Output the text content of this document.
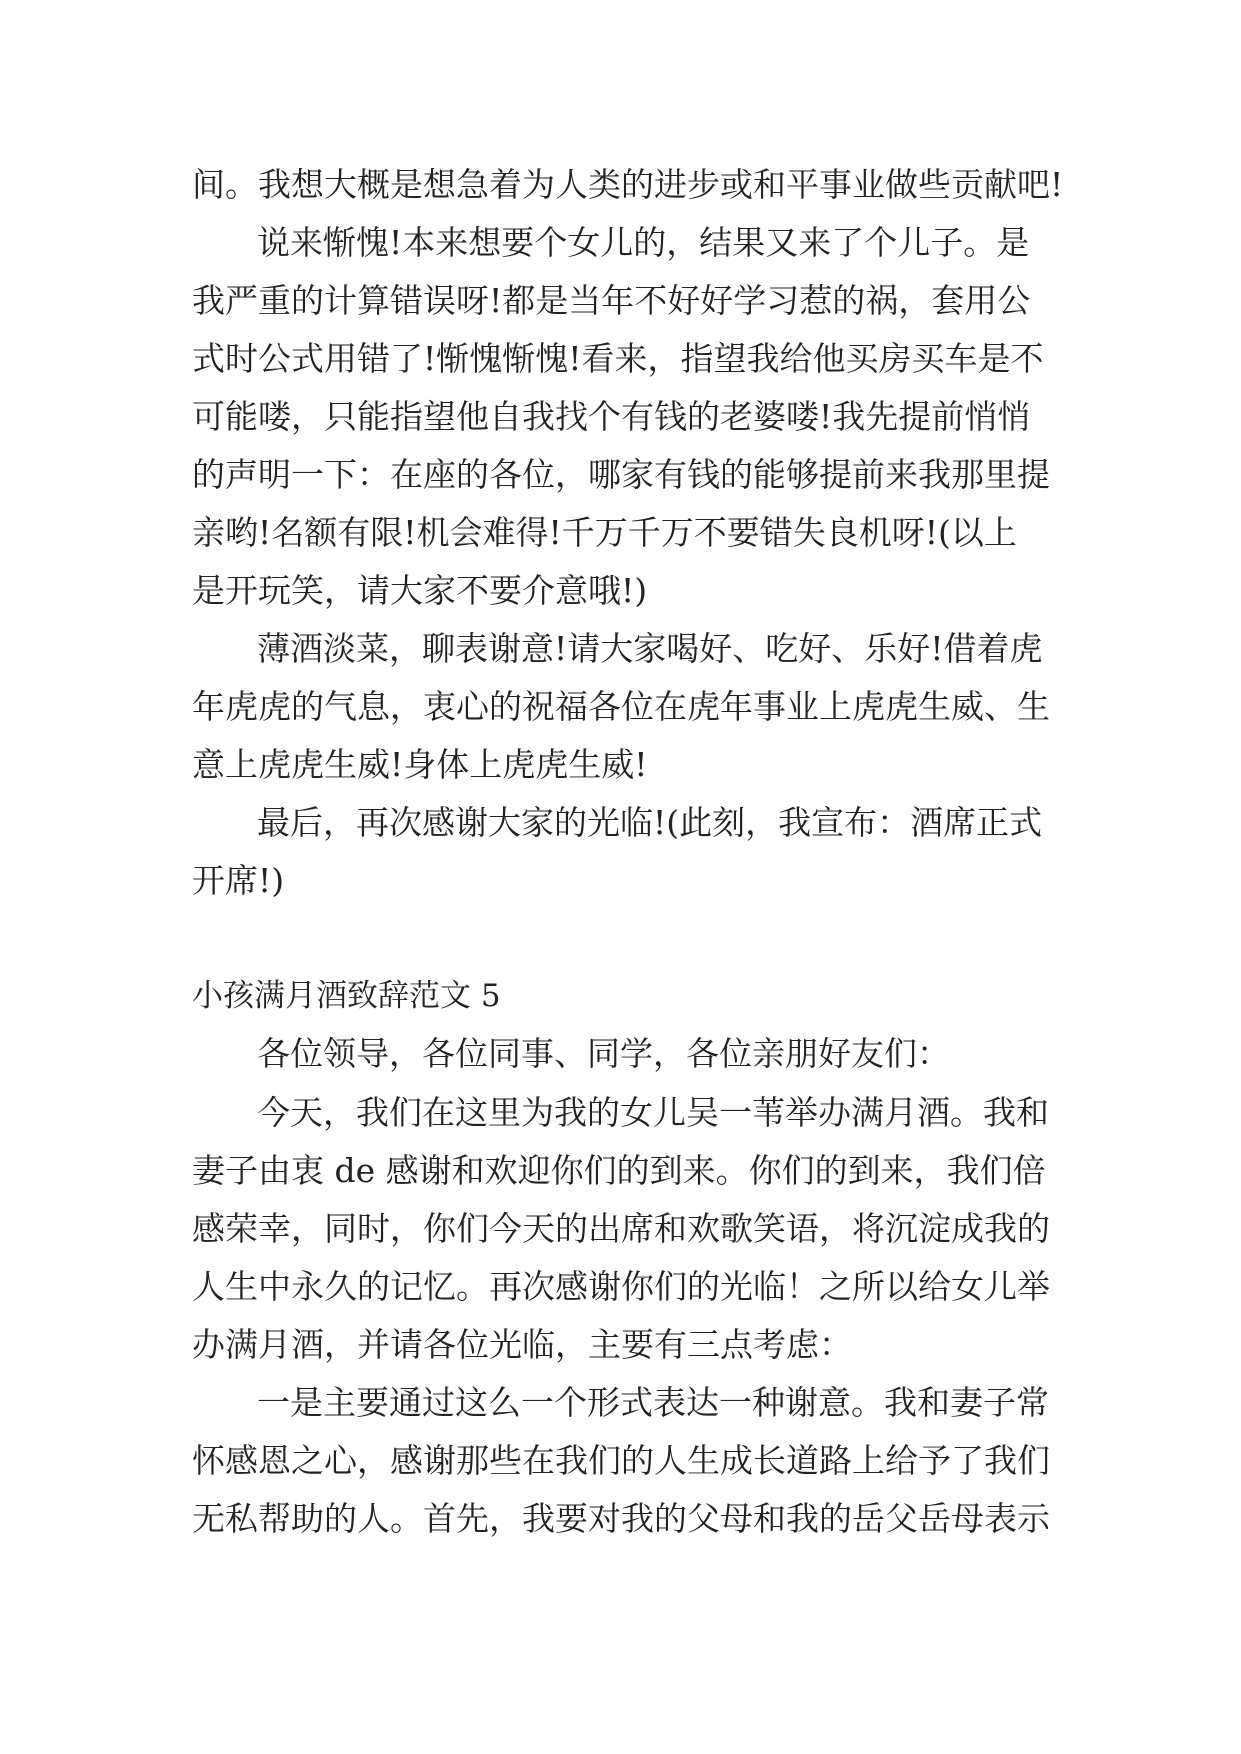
间。我想大概是想急着为人类的进步或和平事业做些贡献吧!
说来惭愧!本来想要个女儿的，结果又来了个儿子。是
我严重的计算错误呀!都是当年不好好学习惹的祸，套用公
式时公式用错了!惭愧惭愧!看来，指望我给他买房买车是不
可能喽，只能指望他自我找个有钱的老婆喽!我先提前悄悄
的声明一下：在座的各位，哪家有钱的能够提前来我那里提
亲哟!名额有限!机会难得!千万千万不要错失良机呀!(以上
是开玩笑，请大家不要介意哦!)
薄酒淡菜，聊表谢意!请大家喝好、吃好、乐好!借着虎
年虎虎的气息，衷心的祝福各位在虎年事业上虎虎生威、生
意上虎虎生威!身体上虎虎生威!
最后，再次感谢大家的光临!(此刻，我宣布：酒席正式
开席!)
小孩满月酒致辞范文 5
各位领导，各位同事、同学，各位亲朋好友们：
今天，我们在这里为我的女儿吴一苇举办满月酒。我和
妻子由衷 de 感谢和欢迎你们的到来。你们的到来，我们倍
感荣幸，同时，你们今天的出席和欢歌笑语，将沉淀成我的
人生中永久的记忆。再次感谢你们的光临！之所以给女儿举
办满月酒，并请各位光临，主要有三点考虑：
一是主要通过这么一个形式表达一种谢意。我和妻子常
怀感恩之心，感谢那些在我们的人生成长道路上给予了我们
无私帮助的人。首先，我要对我的父母和我的岳父岳母表示
